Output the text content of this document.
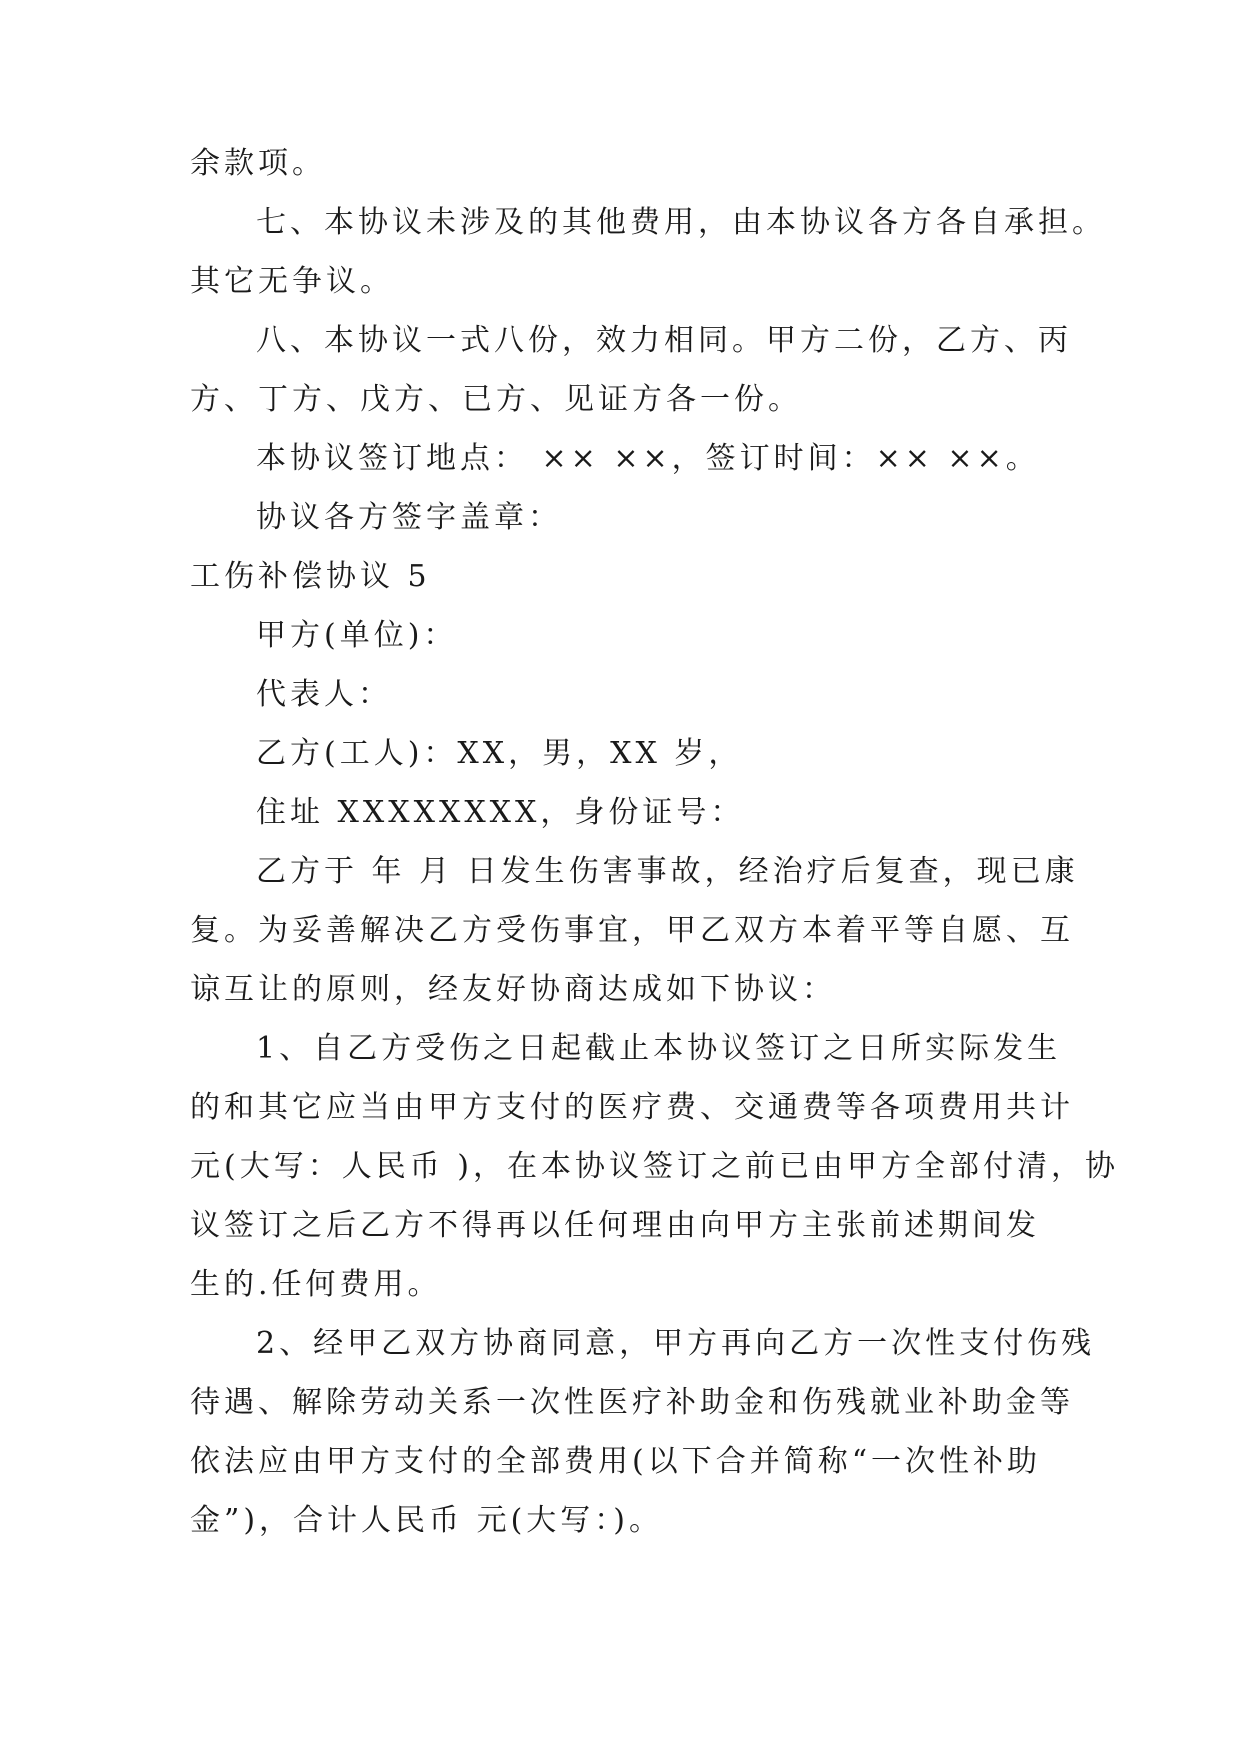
余款项。
七、本协议未涉及的其他费用，由本协议各方各自承担。
其它无争议。
八、本协议一式八份，效力相同。甲方二份，乙方、丙
方、丁方、戊方、已方、见证方各一份。
本协议签订地点： ×× ××，签订时间：×× ××。
协议各方签字盖章：
工伤补偿协议 5
甲方(单位)：
代表人：
乙方(工人)：XX，男，XX 岁，
住址 XXXXXXXX，身份证号：
乙方于 年 月 日发生伤害事故，经治疗后复查，现已康
复。为妥善解决乙方受伤事宜，甲乙双方本着平等自愿、互
谅互让的原则，经友好协商达成如下协议：
1、自乙方受伤之日起截止本协议签订之日所实际发生
的和其它应当由甲方支付的医疗费、交通费等各项费用共计
元(大写：人民币 )，在本协议签订之前已由甲方全部付清，协
议签订之后乙方不得再以任何理由向甲方主张前述期间发
生的.任何费用。
2、经甲乙双方协商同意，甲方再向乙方一次性支付伤残
待遇、解除劳动关系一次性医疗补助金和伤残就业补助金等
依法应由甲方支付的全部费用(以下合并简称“一次性补助
金”)，合计人民币 元(大写：)。
